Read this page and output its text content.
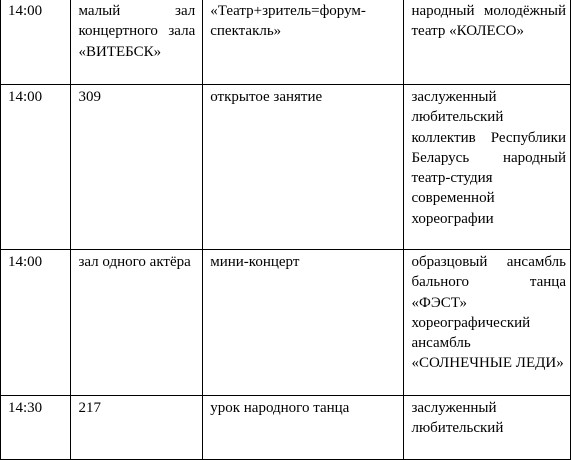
14:00	малый зал концертного зала «ВИТЕБСК»	«Театр+зритель=форум-спектакль»	народный молодёжный театр «КОЛЕСО»

14:00	309	открытое занятие	заслуженный любительский коллектив Республики Беларусь народный театр-студия современной хореографии

14:00	зал одного актёра	мини-концерт	образцовый ансамбль бального танца «ФЭСТ» хореографический ансамбль «СОЛНЕЧНЫЕ ЛЕДИ»

14:30	217	урок народного танца	заслуженный любительский
